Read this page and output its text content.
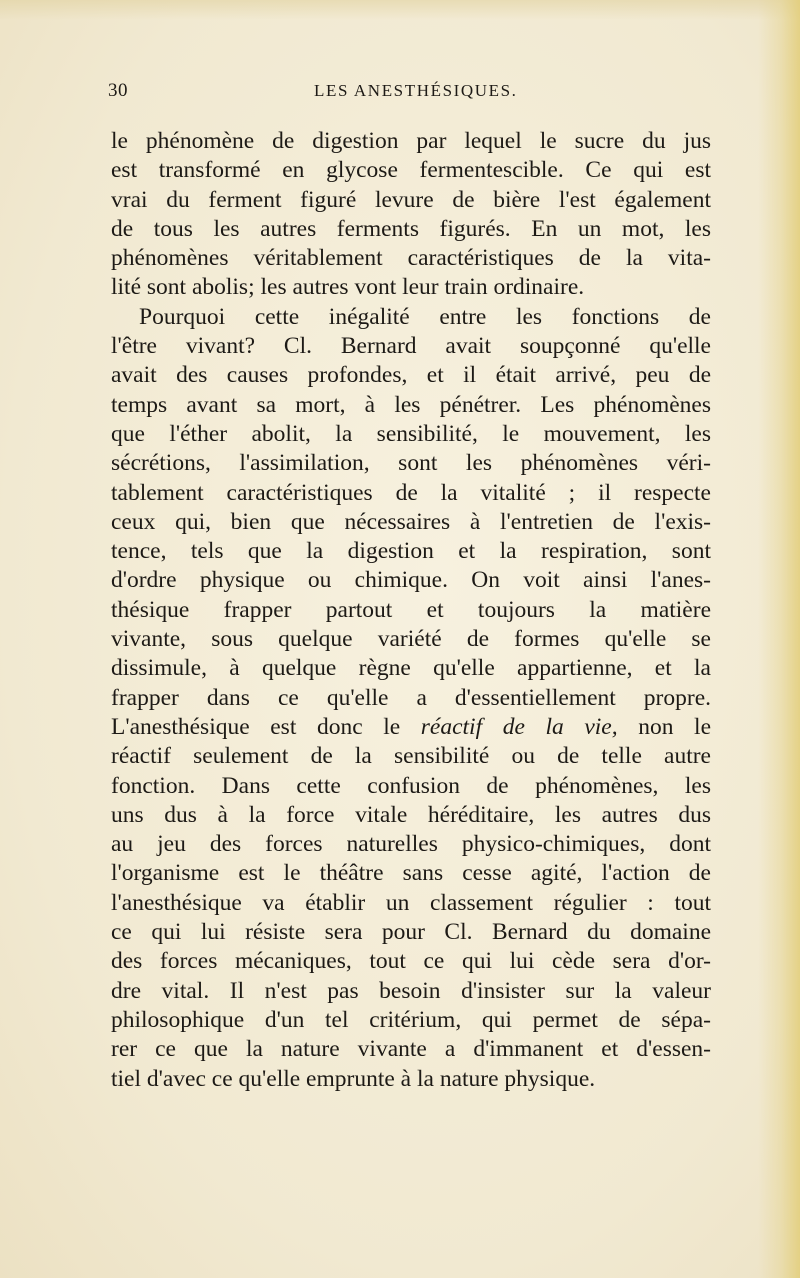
30	LES ANESTHÉSIQUES.
le phénomène de digestion par lequel le sucre du jus
est transformé en glycose fermentescible. Ce qui est
vrai du ferment figuré levure de bière l'est également
de tous les autres ferments figurés. En un mot, les
phénomènes véritablement caractéristiques de la vita-
lité sont abolis; les autres vont leur train ordinaire.
Pourquoi cette inégalité entre les fonctions de
l'être vivant? Cl. Bernard avait soupçonné qu'elle
avait des causes profondes, et il était arrivé, peu de
temps avant sa mort, à les pénétrer. Les phénomènes
que l'éther abolit, la sensibilité, le mouvement, les
sécrétions, l'assimilation, sont les phénomènes véri-
tablement caractéristiques de la vitalité ; il respecte
ceux qui, bien que nécessaires à l'entretien de l'exis-
tence, tels que la digestion et la respiration, sont
d'ordre physique ou chimique. On voit ainsi l'anes-
thésique frapper partout et toujours la matière
vivante, sous quelque variété de formes qu'elle se
dissimule, à quelque règne qu'elle appartienne, et la
frapper dans ce qu'elle a d'essentiellement propre.
L'anesthésique est donc le réactif de la vie, non le
réactif seulement de la sensibilité ou de telle autre
fonction. Dans cette confusion de phénomènes, les
uns dus à la force vitale héréditaire, les autres dus
au jeu des forces naturelles physico-chimiques, dont
l'organisme est le théâtre sans cesse agité, l'action de
l'anesthésique va établir un classement régulier : tout
ce qui lui résiste sera pour Cl. Bernard du domaine
des forces mécaniques, tout ce qui lui cède sera d'or-
dre vital. Il n'est pas besoin d'insister sur la valeur
philosophique d'un tel critérium, qui permet de sépa-
rer ce que la nature vivante a d'immanent et d'essen-
tiel d'avec ce qu'elle emprunte à la nature physique.
